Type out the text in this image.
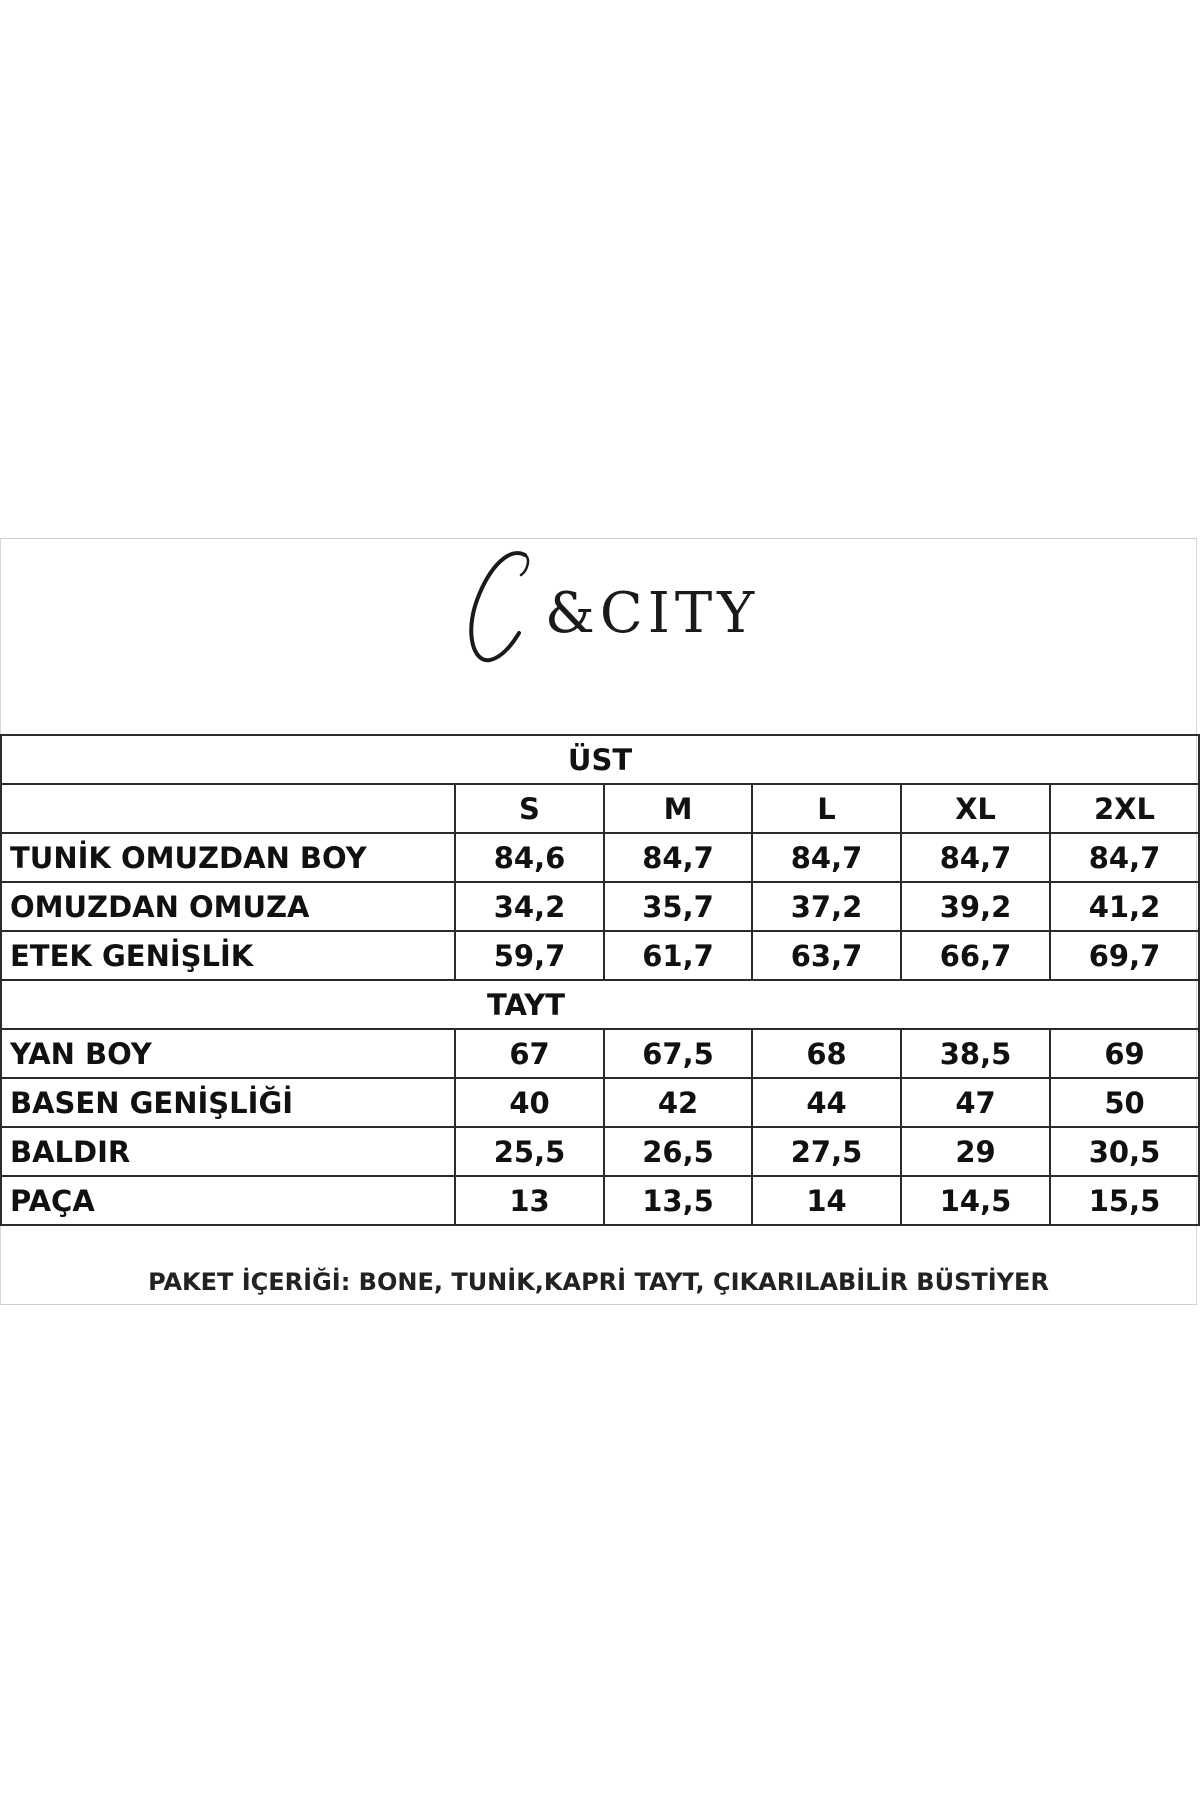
&CITY
ÜST					
	S	M	L	XL	2XL
TUNİK OMUZDAN BOY	84,6	84,7	84,7	84,7	84,7
OMUZDAN OMUZA	34,2	35,7	37,2	39,2	41,2
ETEK GENİŞLİK	59,7	61,7	63,7	66,7	69,7
TAYT					
YAN BOY	67	67,5	68	38,5	69
BASEN GENİŞLİĞİ	40	42	44	47	50
BALDIR	25,5	26,5	27,5	29	30,5
PAÇA	13	13,5	14	14,5	15,5
PAKET İÇERİĞİ: BONE, TUNİK,KAPRİ TAYT, ÇIKARILABİLİR BÜSTİYER
